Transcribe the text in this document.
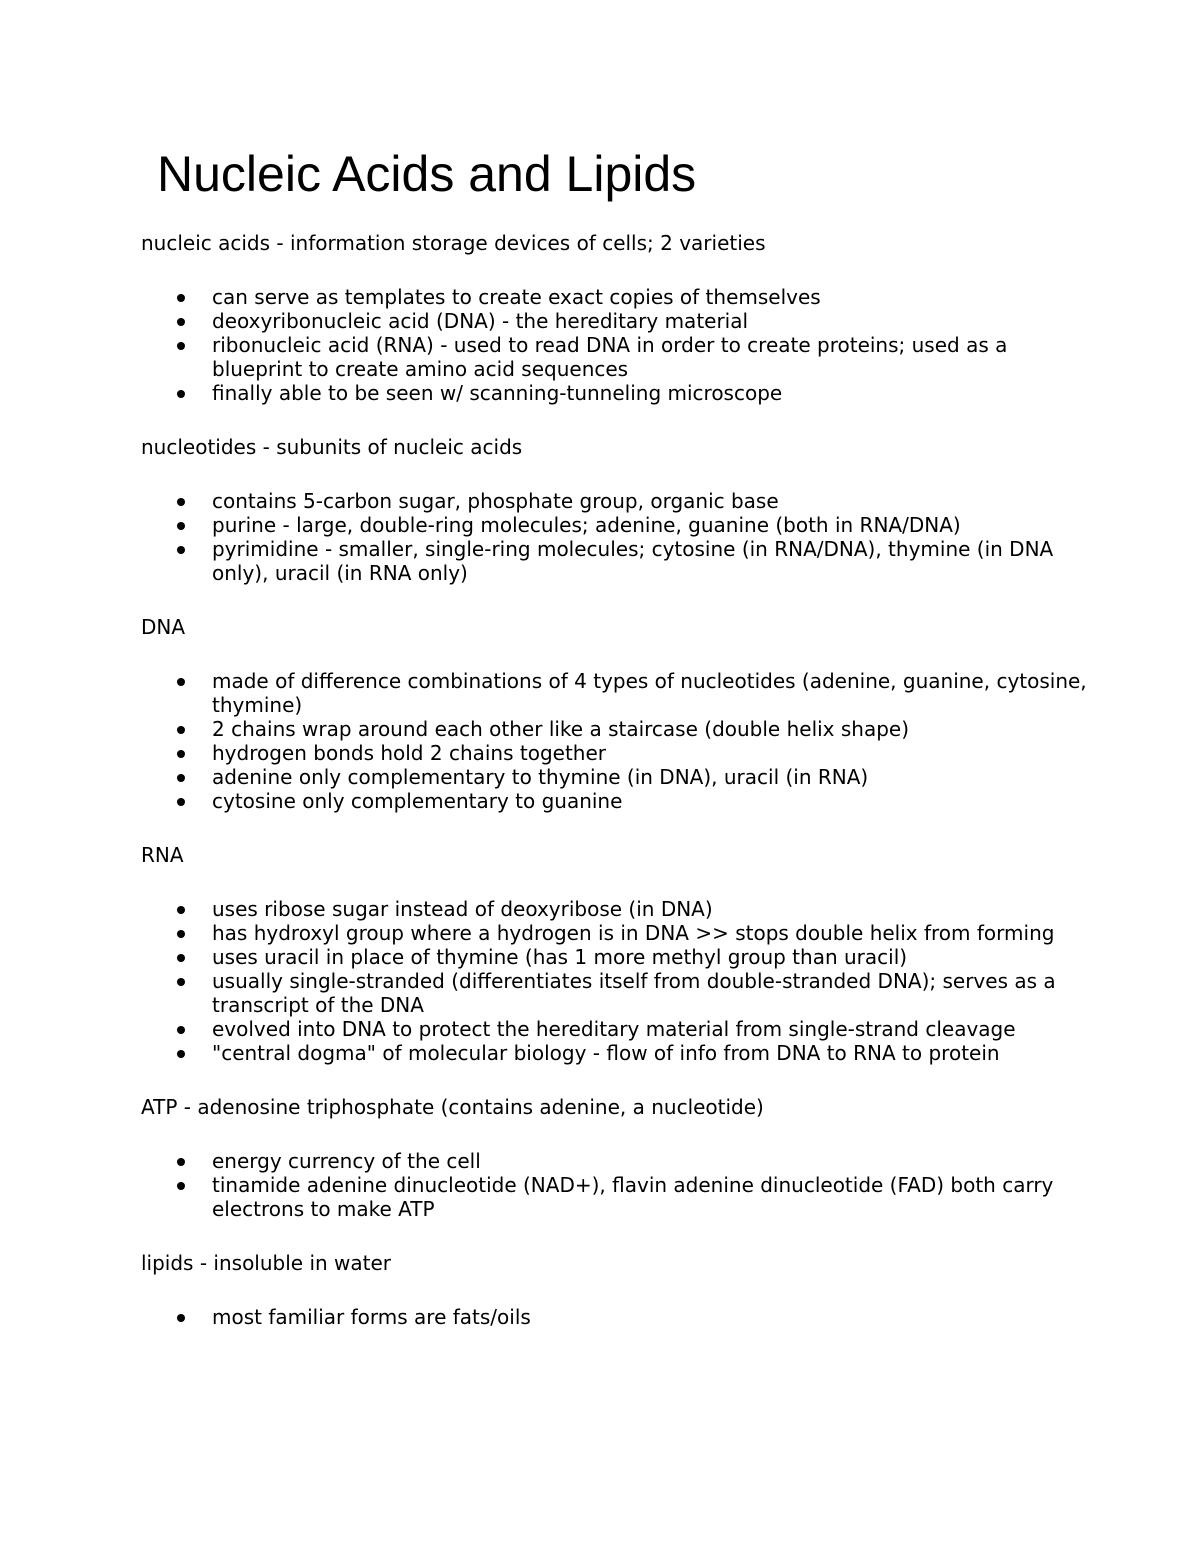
Nucleic Acids and Lipids

nucleic acids - information storage devices of cells; 2 varieties

can serve as templates to create exact copies of themselves
deoxyribonucleic acid (DNA) - the hereditary material
ribonucleic acid (RNA) - used to read DNA in order to create proteins; used as a blueprint to create amino acid sequences
finally able to be seen w/ scanning-tunneling microscope

nucleotides - subunits of nucleic acids

contains 5-carbon sugar, phosphate group, organic base
purine - large, double-ring molecules; adenine, guanine (both in RNA/DNA)
pyrimidine - smaller, single-ring molecules; cytosine (in RNA/DNA), thymine (in DNA only), uracil (in RNA only)

DNA

made of difference combinations of 4 types of nucleotides (adenine, guanine, cytosine, thymine)
2 chains wrap around each other like a staircase (double helix shape)
hydrogen bonds hold 2 chains together
adenine only complementary to thymine (in DNA), uracil (in RNA)
cytosine only complementary to guanine

RNA

uses ribose sugar instead of deoxyribose (in DNA)
has hydroxyl group where a hydrogen is in DNA >> stops double helix from forming
uses uracil in place of thymine (has 1 more methyl group than uracil)
usually single-stranded (differentiates itself from double-stranded DNA); serves as a transcript of the DNA
evolved into DNA to protect the hereditary material from single-strand cleavage
"central dogma" of molecular biology - flow of info from DNA to RNA to protein

ATP - adenosine triphosphate (contains adenine, a nucleotide)

energy currency of the cell
tinamide adenine dinucleotide (NAD+), flavin adenine dinucleotide (FAD) both carry electrons to make ATP

lipids - insoluble in water

most familiar forms are fats/oils
